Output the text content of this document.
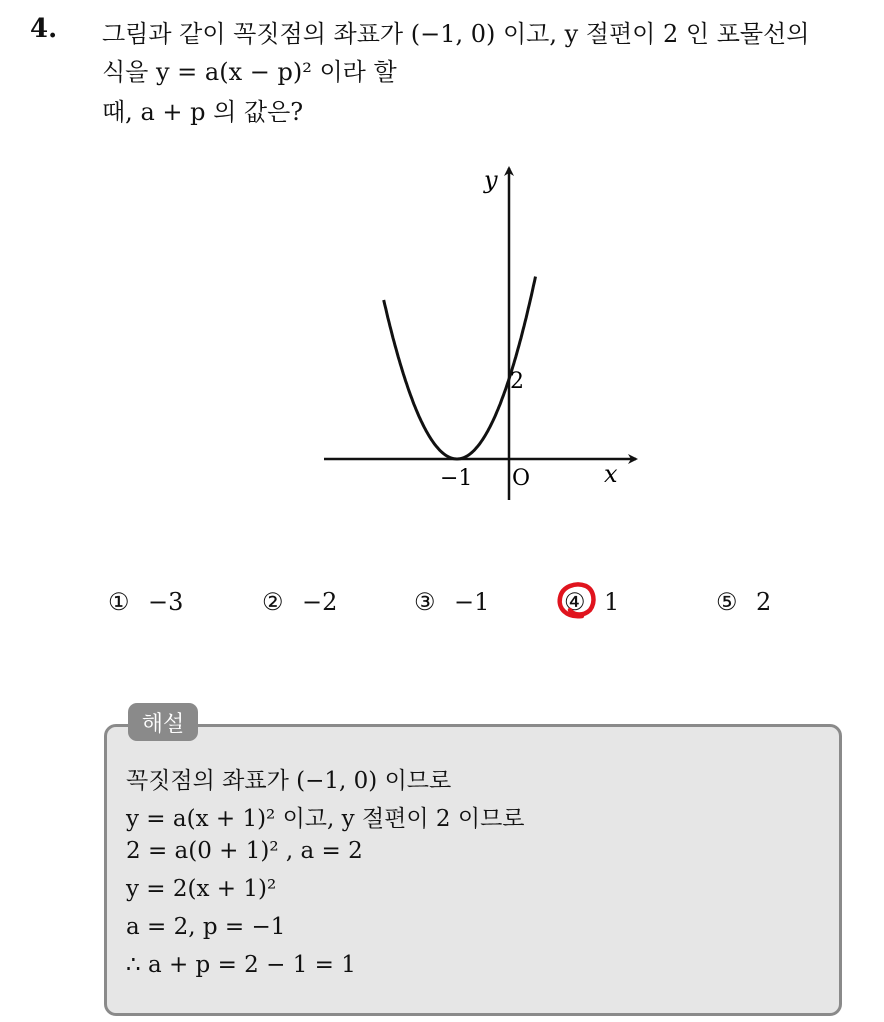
4. 그림과 같이 꼭짓점의 좌표가 (−1, 0) 이고, y 절편이 2 인 포물선의
식을 y = a(x − p)² 이라 할
때, a + p 의 값은?
y
x
2
−1 O
① −3	② −2	③ −1	④ 1	⑤ 2
해설
꼭짓점의 좌표가 (−1, 0) 이므로
y = a(x + 1)² 이고, y 절편이 2 이므로
2 = a(0 + 1)² , a = 2
y = 2(x + 1)²
a = 2, p = −1
∴ a + p = 2 − 1 = 1
